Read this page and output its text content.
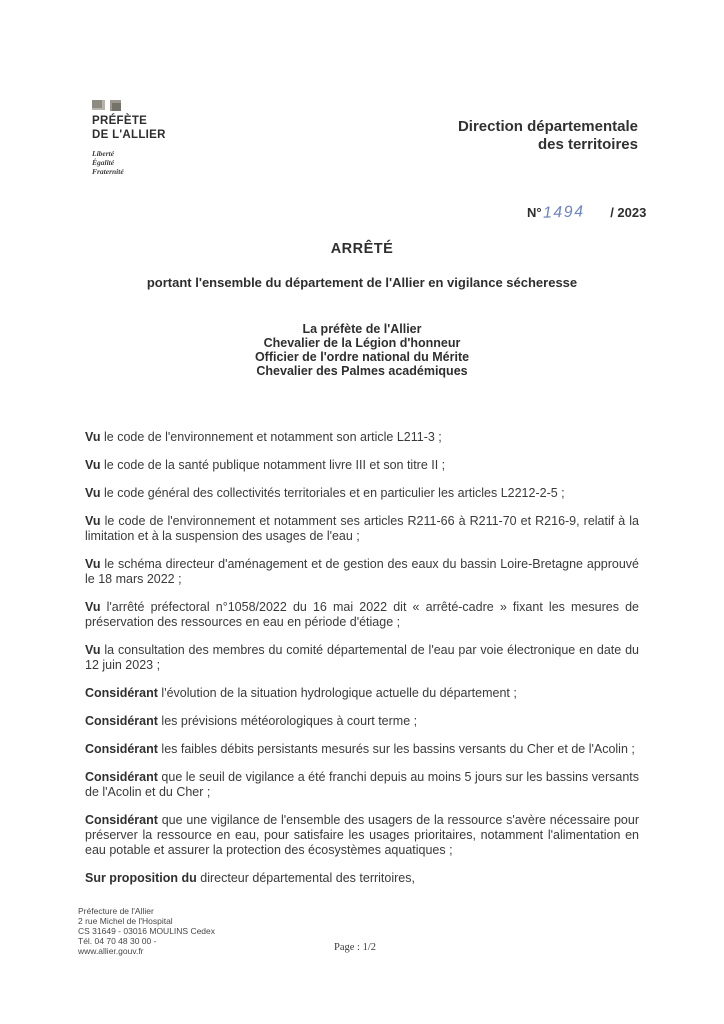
PRÉFÈTE
DE L'ALLIER
Liberté
Égalité
Fraternité
Direction départementale
des territoires
N°1494 / 2023
ARRÊTÉ
portant l'ensemble du département de l'Allier en vigilance sécheresse
La préfète de l'Allier
Chevalier de la Légion d'honneur
Officier de l'ordre national du Mérite
Chevalier des Palmes académiques

Vu le code de l'environnement et notamment son article L211-3 ;

Vu le code de la santé publique notamment livre III et son titre II ;

Vu le code général des collectivités territoriales et en particulier les articles L2212-2-5 ;

Vu le code de l'environnement et notamment ses articles R211-66 à R211-70 et R216-9, relatif à la limitation et à la suspension des usages de l'eau ;

Vu le schéma directeur d'aménagement et de gestion des eaux du bassin Loire-Bretagne approuvé le 18 mars 2022 ;

Vu l'arrêté préfectoral n°1058/2022 du 16 mai 2022 dit « arrêté-cadre » fixant les mesures de préservation des ressources en eau en période d'étiage ;

Vu la consultation des membres du comité départemental de l'eau par voie électronique en date du 12 juin 2023 ;

Considérant l'évolution de la situation hydrologique actuelle du département ;

Considérant les prévisions météorologiques à court terme ;

Considérant les faibles débits persistants mesurés sur les bassins versants du Cher et de l'Acolin ;

Considérant que le seuil de vigilance a été franchi depuis au moins 5 jours sur les bassins versants de l'Acolin et du Cher ;

Considérant que une vigilance de l'ensemble des usagers de la ressource s'avère nécessaire pour préserver la ressource en eau, pour satisfaire les usages prioritaires, notamment l'alimentation en eau potable et assurer la protection des écosystèmes aquatiques ;

Sur proposition du directeur départemental des territoires,

Préfecture de l'Allier
2 rue Michel de l'Hospital
CS 31649 - 03016 MOULINS Cedex
Tél. 04 70 48 30 00 -
www.allier.gouv.fr	Page : 1/2
